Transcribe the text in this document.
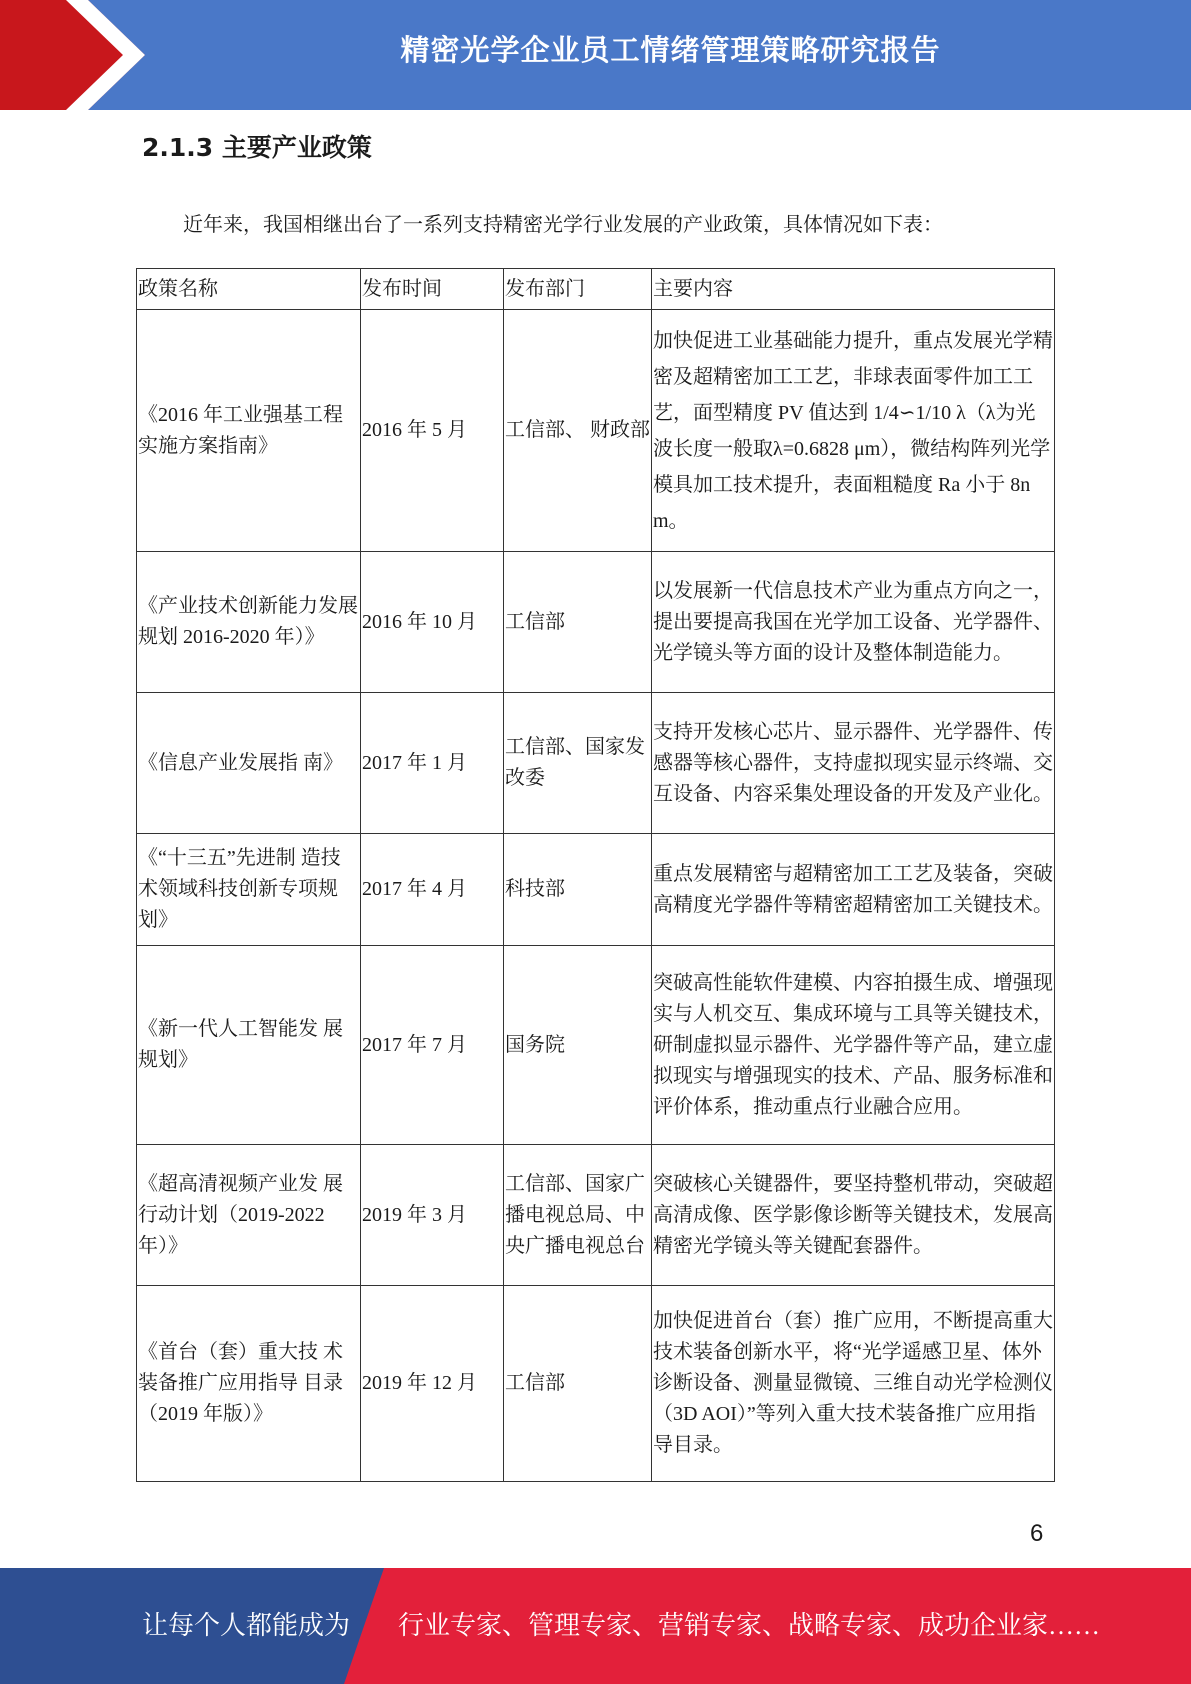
精密光学企业员工情绪管理策略研究报告
2.1.3 主要产业政策
近年来，我国相继出台了一系列支持精密光学行业发展的产业政策，具体情况如下表：
政策名称	发布时间	发布部门	主要内容
《2016 年工业强基工程实施方案指南》	2016 年 5 月	工信部、 财政部	加快促进工业基础能力提升，重点发展光学精密及超精密加工工艺，非球表面零件加工工艺，面型精度 PV 值达到 1/4∽1/10 λ（λ为光波长度一般取λ=0.6828 μm），微结构阵列光学模具加工技术提升，表面粗糙度 Ra 小于 8nm。
《产业技术创新能力发展规划 2016-2020 年）》	2016 年 10 月	工信部	以发展新一代信息技术产业为重点方向之一，提出要提高我国在光学加工设备、光学器件、光学镜头等方面的设计及整体制造能力。
《信息产业发展指 南》	2017 年 1 月	工信部、国家发改委	支持开发核心芯片、显示器件、光学器件、传感器等核心器件，支持虚拟现实显示终端、交互设备、内容采集处理设备的开发及产业化。
《“十三五”先进制 造技术领域科技创新专项规划》	2017 年 4 月	科技部	重点发展精密与超精密加工工艺及装备，突破高精度光学器件等精密超精密加工关键技术。
《新一代人工智能发 展规划》	2017 年 7 月	国务院	突破高性能软件建模、内容拍摄生成、增强现实与人机交互、集成环境与工具等关键技术，研制虚拟显示器件、光学器件等产品，建立虚拟现实与增强现实的技术、产品、服务标准和评价体系，推动重点行业融合应用。
《超高清视频产业发 展行动计划（2019-2022 年）》	2019 年 3 月	工信部、国家广播电视总局、中央广播电视总台	突破核心关键器件，要坚持整机带动，突破超高清成像、医学影像诊断等关键技术，发展高精密光学镜头等关键配套器件。
《首台（套）重大技 术装备推广应用指导 目录（2019 年版）》	2019 年 12 月	工信部	加快促进首台（套）推广应用，不断提高重大技术装备创新水平，将“光学遥感卫星、体外诊断设备、测量显微镜、三维自动光学检测仪（3D AOI）”等列入重大技术装备推广应用指导目录。
6
让每个人都能成为 行业专家、管理专家、营销专家、战略专家、成功企业家……
